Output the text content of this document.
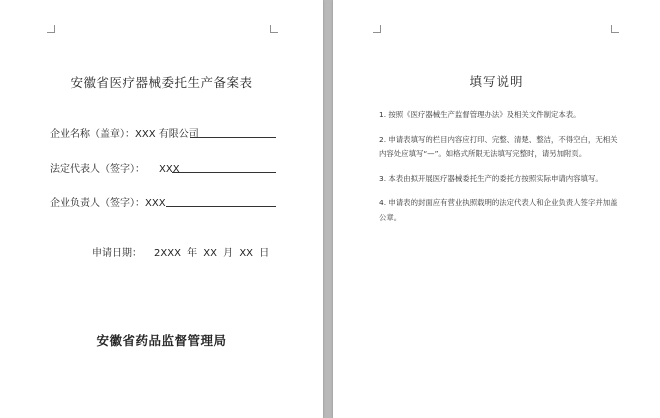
安徽省医疗器械委托生产备案表
企业名称（盖章）：XXX 有限公司
法定代表人（签字）： XXX
企业负责人（签字）：XXX
申请日期： 2XXX 年 XX 月 XX 日
安徽省药品监督管理局
填写说明
1. 按照《医疗器械生产监督管理办法》及相关文件制定本表。
2. 申请表填写的栏目内容应打印、完整、清楚、整洁，不得空白，无相关内容处应填写“—”。如格式所限无法填写完整时，请另加附页。
3. 本表由拟开展医疗器械委托生产的委托方按照实际申请内容填写。
4. 申请表的封面应有营业执照载明的法定代表人和企业负责人签字并加盖公章。
